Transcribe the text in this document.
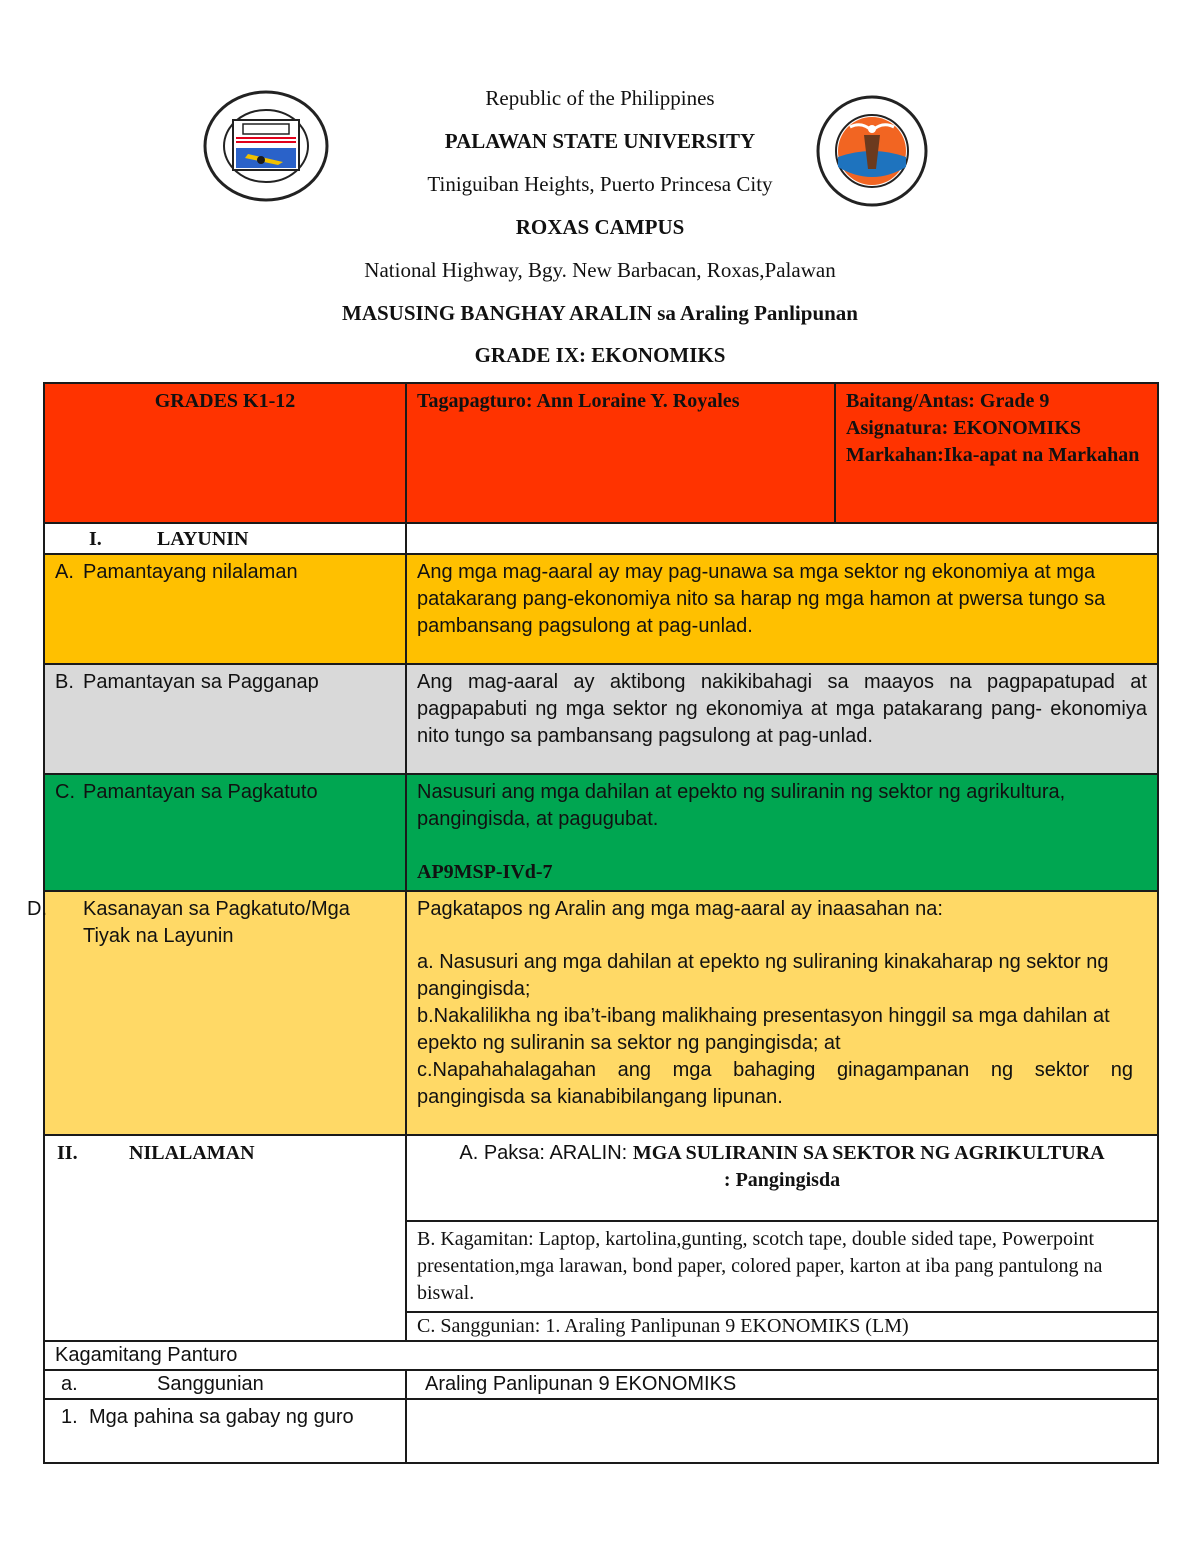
Republic of the Philippines
PALAWAN STATE UNIVERSITY
Tiniguiban Heights, Puerto Princesa City
ROXAS CAMPUS
National Highway, Bgy. New Barbacan, Roxas,Palawan
MASUSING BANGHAY ARALIN sa Araling Panlipunan
GRADE IX: EKONOMIKS
GRADES K1-12	Tagapagturo: Ann Loraine Y. Royales	Baitang/Antas: Grade 9
Asignatura: EKONOMIKS
Markahan:Ika-apat na Markahan

I. LAYUNIN		
A. Pamantayang nilalaman	Ang mga mag-aaral ay may pag-unawa sa mga sektor ng ekonomiya at mga patakarang pang-ekonomiya nito sa harap ng mga hamon at pwersa tungo sa pambansang pagsulong at pag-unlad.	

B. Pamantayan sa Pagganap	Ang mag-aaral ay aktibong nakikibahagi sa maayos na pagpapatupad at pagpapabuti ng mga sektor ng ekonomiya at mga patakarang pang- ekonomiya nito tungo sa pambansang pagsulong at pag-unlad.	

C. Pamantayan sa Pagkatuto	Nasusuri ang mga dahilan at epekto ng suliranin ng sektor ng agrikultura, pangingisda, at pagugubat.
AP9MSP-IVd-7	

D. Kasanayan sa Pagkatuto/Mga Tiyak na Layunin	Pagkatapos ng Aralin ang mga mag-aaral ay inaasahan na:
a. Nasusuri ang mga dahilan at epekto ng suliraning kinakaharap ng sektor ng pangingisda;
b.Nakalilikha ng iba’t-ibang malikhaing presentasyon hinggil sa mga dahilan at epekto ng suliranin sa sektor ng pangingisda; at
c.Napahahalagahan ang mga bahaging ginagampanan ng sektor ng pangingisda sa kianabibilangang lipunan.	

II. NILALAMAN	A. Paksa: ARALIN: MGA SULIRANIN SA SEKTOR NG AGRIKULTURA
: Pangingisda	

	B. Kagamitan: Laptop, kartolina,gunting, scotch tape, double sided tape, Powerpoint presentation,mga larawan, bond paper, colored paper, karton at iba pang pantulong na biswal.	

	C. Sanggunian: 1. Araling Panlipunan 9 EKONOMIKS (LM)	

Kagamitang Panturo		
a. Sanggunian	Araling Panlipunan 9 EKONOMIKS	
1. Mga pahina sa gabay ng guro		
